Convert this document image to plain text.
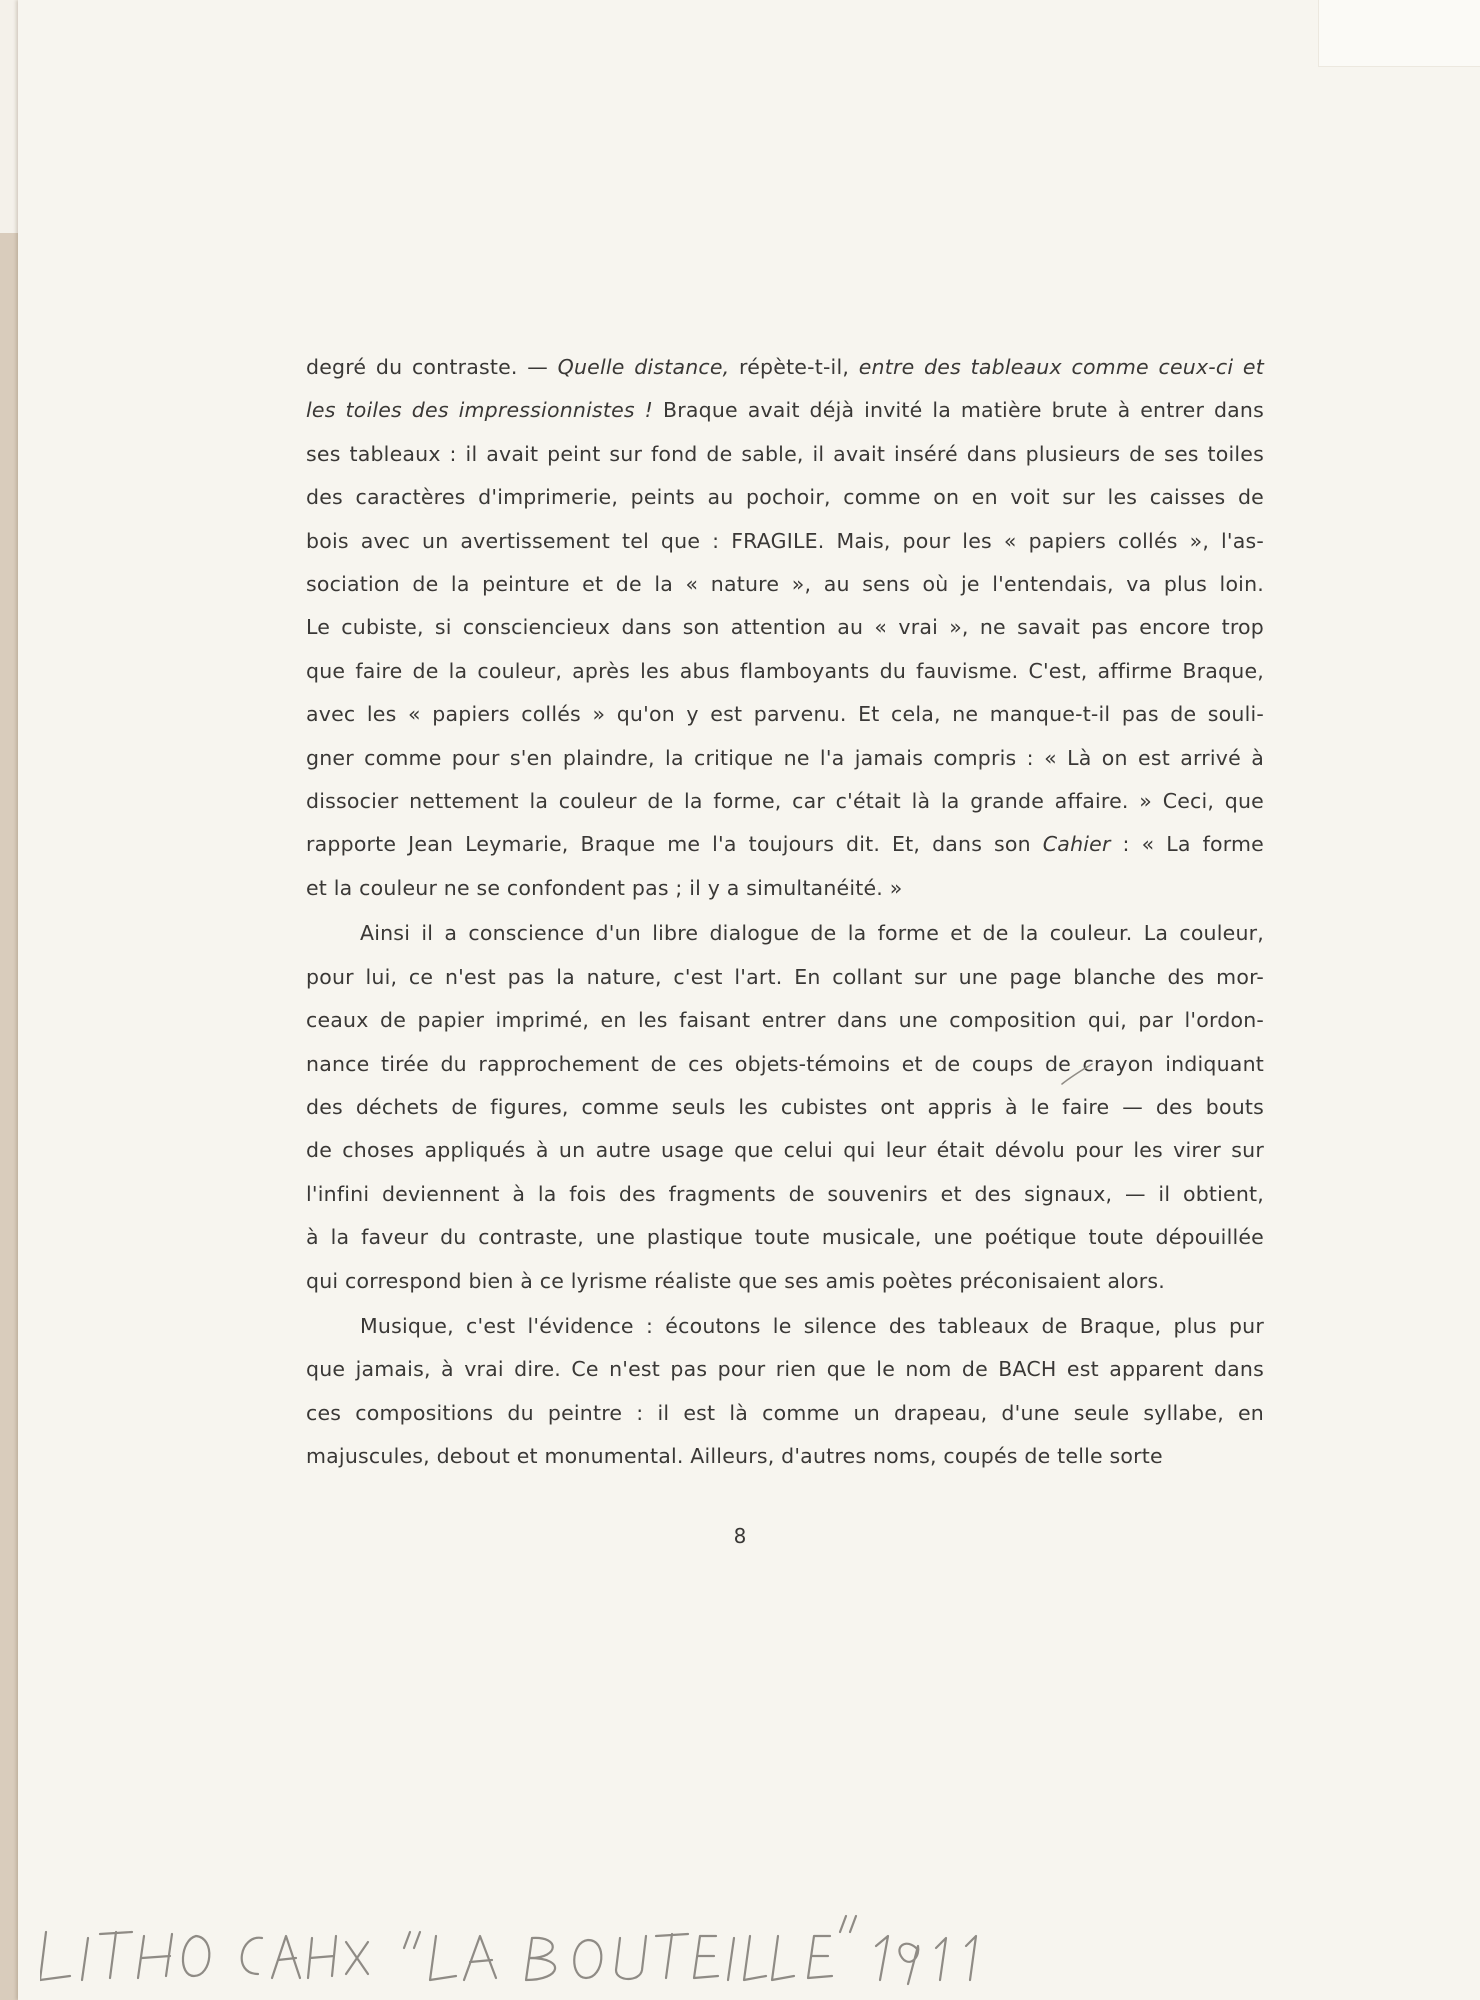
degré du contraste. — Quelle distance, répète-t-il, entre des tableaux comme ceux-ci et
les toiles des impressionnistes ! Braque avait déjà invité la matière brute à entrer dans
ses tableaux : il avait peint sur fond de sable, il avait inséré dans plusieurs de ses toiles
des caractères d'imprimerie, peints au pochoir, comme on en voit sur les caisses de
bois avec un avertissement tel que : FRAGILE. Mais, pour les « papiers collés », l'as-
sociation de la peinture et de la « nature », au sens où je l'entendais, va plus loin.
Le cubiste, si consciencieux dans son attention au « vrai », ne savait pas encore trop
que faire de la couleur, après les abus flamboyants du fauvisme. C'est, affirme Braque,
avec les « papiers collés » qu'on y est parvenu. Et cela, ne manque-t-il pas de souli-
gner comme pour s'en plaindre, la critique ne l'a jamais compris : « Là on est arrivé à
dissocier nettement la couleur de la forme, car c'était là la grande affaire. » Ceci, que
rapporte Jean Leymarie, Braque me l'a toujours dit. Et, dans son Cahier : « La forme
et la couleur ne se confondent pas ; il y a simultanéité. »

Ainsi il a conscience d'un libre dialogue de la forme et de la couleur. La couleur,
pour lui, ce n'est pas la nature, c'est l'art. En collant sur une page blanche des mor-
ceaux de papier imprimé, en les faisant entrer dans une composition qui, par l'ordon-
nance tirée du rapprochement de ces objets-témoins et de coups de crayon indiquant
des déchets de figures, comme seuls les cubistes ont appris à le faire — des bouts
de choses appliqués à un autre usage que celui qui leur était dévolu pour les virer sur
l'infini deviennent à la fois des fragments de souvenirs et des signaux, — il obtient,
à la faveur du contraste, une plastique toute musicale, une poétique toute dépouillée
qui correspond bien à ce lyrisme réaliste que ses amis poètes préconisaient alors.

Musique, c'est l'évidence : écoutons le silence des tableaux de Braque, plus pur
que jamais, à vrai dire. Ce n'est pas pour rien que le nom de BACH est apparent dans
ces compositions du peintre : il est là comme un drapeau, d'une seule syllabe, en
majuscules, debout et monumental. Ailleurs, d'autres noms, coupés de telle sorte

8
